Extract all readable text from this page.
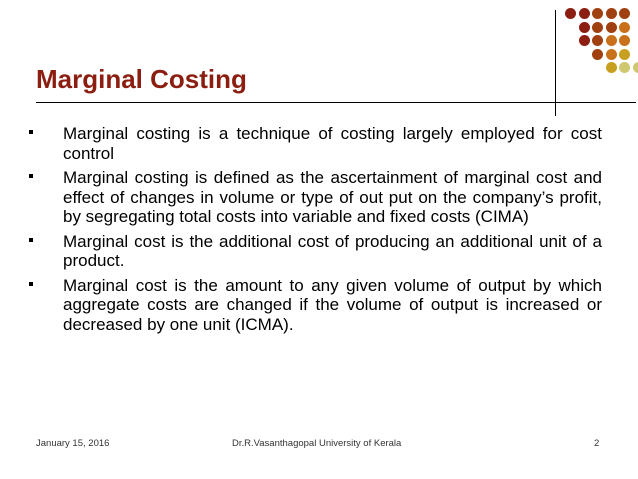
Marginal Costing
Marginal costing is a technique of costing largely employed for cost control
Marginal costing is defined as the ascertainment of marginal cost and effect of changes in volume or type of out put on the company’s profit, by segregating total costs into variable and fixed costs (CIMA)
Marginal cost is the additional cost of producing an additional unit of a product.
Marginal cost is the amount to any given volume of output by which aggregate costs are changed if the volume of output is increased or decreased by one unit (ICMA).
January 15, 2016	Dr.R.Vasanthagopal University of Kerala	2
